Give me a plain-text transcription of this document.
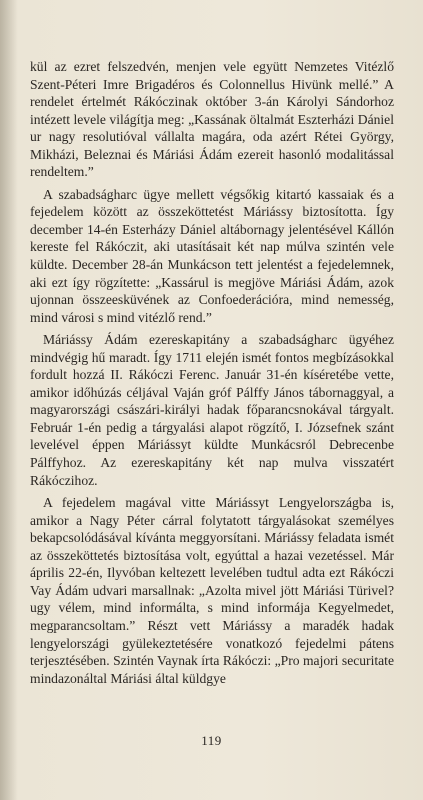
kül az ezret felszedvén, menjen vele együtt Nemzetes Vitézlő Szent-Péteri Imre Brigadéros és Colonnellus Hivünk mellé.” A rendelet értelmét Rákóczinak október 3-án Károlyi Sándorhoz intézett levele világítja meg: „Kassának öltalmát Eszterházi Dániel ur nagy resolutióval vállalta magára, oda azért Rétei György, Mikházi, Beleznai és Máriási Ádám ezereit hasonló modalitással rendeltem.”

A szabadságharc ügye mellett végsőkig kitartó kassaiak és a fejedelem között az összeköttetést Máriássy biztosította. Így december 14-én Esterházy Dániel altábornagy jelentésével Kállón kereste fel Rákóczit, aki utasításait két nap múlva szintén vele küldte. December 28-án Munkácson tett jelentést a fejedelemnek, aki ezt így rögzítette: „Kassárul is megjöve Máriási Ádám, azok ujonnan összeesküvének az Confoederációra, mind nemesség, mind városi s mind vitézlő rend.”

Máriássy Ádám ezereskapitány a szabadságharc ügyéhez mindvégig hű maradt. Így 1711 elején ismét fontos megbízásokkal fordult hozzá II. Rákóczi Ferenc. Január 31-én kíséretébe vette, amikor időhúzás céljával Vaján gróf Pálffy János tábornaggyal, a magyarországi császári-királyi hadak főparancsnokával tárgyalt. Február 1-én pedig a tárgyalási alapot rögzítő, I. Józsefnek szánt levelével éppen Máriássyt küldte Munkácsról Debrecenbe Pálffyhoz. Az ezereskapitány két nap mulva visszatért Rákóczihoz.

A fejedelem magával vitte Máriássyt Lengyelországba is, amikor a Nagy Péter cárral folytatott tárgyalásokat személyes bekapcsolódásával kívánta meggyorsítani. Máriássy feladata ismét az összeköttetés biztosítása volt, egyúttal a hazai vezetéssel. Már április 22-én, Ilyvóban keltezett levelében tudtul adta ezt Rákóczi Vay Ádám udvari marsallnak: „Azolta mivel jött Máriási Türivel? ugy vélem, mind informálta, s mind informája Kegyelmedet, megparancsoltam.” Részt vett Máriássy a maradék hadak lengyelországi gyülekeztetésére vonatkozó fejedelmi pátens terjesztésében. Szintén Vaynak írta Rákóczi: „Pro majori securitate mindazonáltal Máriási által küldgye

119
